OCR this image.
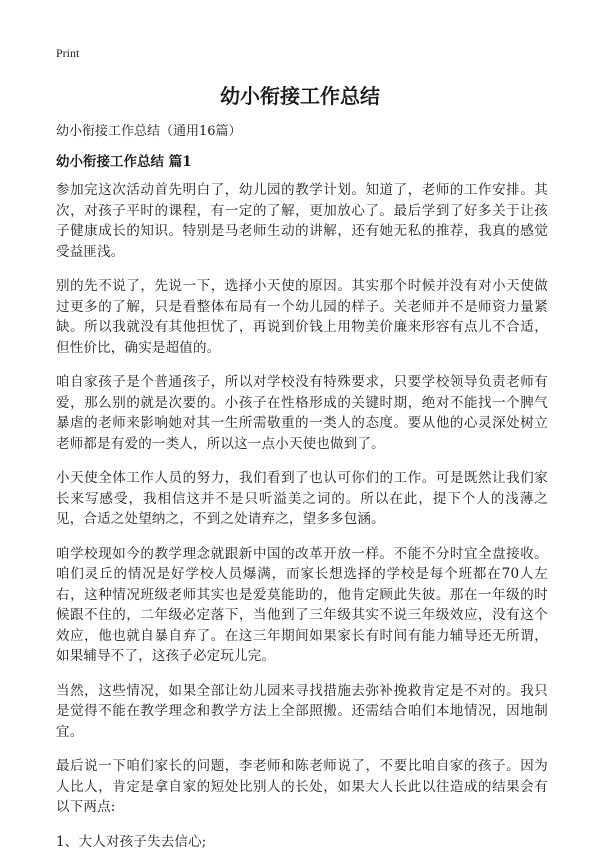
Print
幼小衔接工作总结

幼小衔接工作总结（通用16篇）

幼小衔接工作总结 篇1

参加完这次活动首先明白了，幼儿园的教学计划。知道了，老师的工作安排。其次，对孩子平时的课程，有一定的了解，更加放心了。最后学到了好多关于让孩子健康成长的知识。特别是马老师生动的讲解，还有她无私的推荐，我真的感觉受益匪浅。

别的先不说了，先说一下，选择小天使的原因。其实那个时候并没有对小天使做过更多的了解，只是看整体布局有一个幼儿园的样子。关老师并不是师资力量紧缺。所以我就没有其他担忧了，再说到价钱上用物美价廉来形容有点儿不合适，但性价比，确实是超值的。

咱自家孩子是个普通孩子，所以对学校没有特殊要求，只要学校领导负责老师有爱，那么别的就是次要的。小孩子在性格形成的关键时期，绝对不能找一个脾气暴虐的老师来影响她对其一生所需敬重的一类人的态度。要从他的心灵深处树立老师都是有爱的一类人，所以这一点小天使也做到了。

小天使全体工作人员的努力，我们看到了也认可你们的工作。可是既然让我们家长来写感受，我相信这并不是只听溢美之词的。所以在此，提下个人的浅薄之见，合适之处望纳之，不到之处请弃之，望多多包涵。

咱学校现如今的教学理念就跟新中国的改革开放一样。不能不分时宜全盘接收。咱们灵丘的情况是好学校人员爆满，而家长想选择的学校是每个班都在70人左右，这种情况班级老师其实也是爱莫能助的，他肯定顾此失彼。那在一年级的时候跟不住的，二年级必定落下，当他到了三年级其实不说三年级效应，没有这个效应，他也就自暴自弃了。在这三年期间如果家长有时间有能力辅导还无所谓，如果辅导不了，这孩子必定玩儿完。

当然，这些情况，如果全部让幼儿园来寻找措施去弥补挽救肯定是不对的。我只是觉得不能在教学理念和教学方法上全部照搬。还需结合咱们本地情况，因地制宜。

最后说一下咱们家长的问题，李老师和陈老师说了，不要比咱自家的孩子。因为人比人，肯定是拿自家的短处比别人的长处，如果大人长此以往造成的结果会有以下两点:

1、大人对孩子失去信心;
